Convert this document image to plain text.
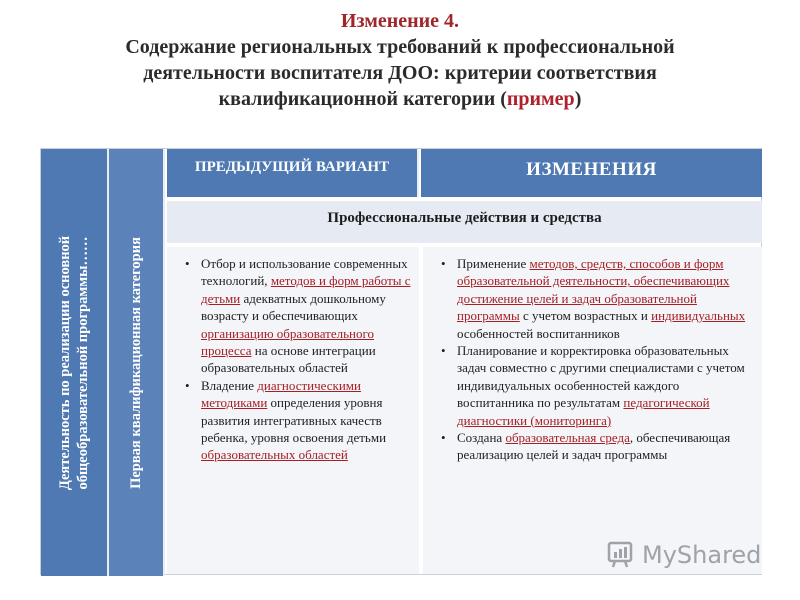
Изменение 4.
Содержание региональных требований к профессиональной
деятельности воспитателя ДОО: критерии соответствия
квалификационной категории (пример)
Деятельность по реализации основной общеобразовательной программы……	Первая квалификационная категория
ПРЕДЫДУЩИЙ ВАРИАНТ	ИЗМЕНЕНИЯ
Профессиональные действия и средства
• Отбор и использование современных технологий, методов и форм работы с детьми адекватных дошкольному возрасту и обеспечивающих организацию образовательного процесса на основе интеграции образовательных областей
• Владение диагностическими методиками определения уровня развития интегративных качеств ребенка, уровня освоения детьми образовательных областей
• Применение методов, средств, способов и форм образовательной деятельности, обеспечивающих достижение целей и задач образовательной программы с учетом возрастных и индивидуальных особенностей воспитанников
• Планирование и корректировка образовательных задач совместно с другими специалистами с учетом индивидуальных особенностей каждого воспитанника по результатам педагогической диагностики (мониторинга)
• Создана образовательная среда, обеспечивающая реализацию целей и задач программы
MyShared
